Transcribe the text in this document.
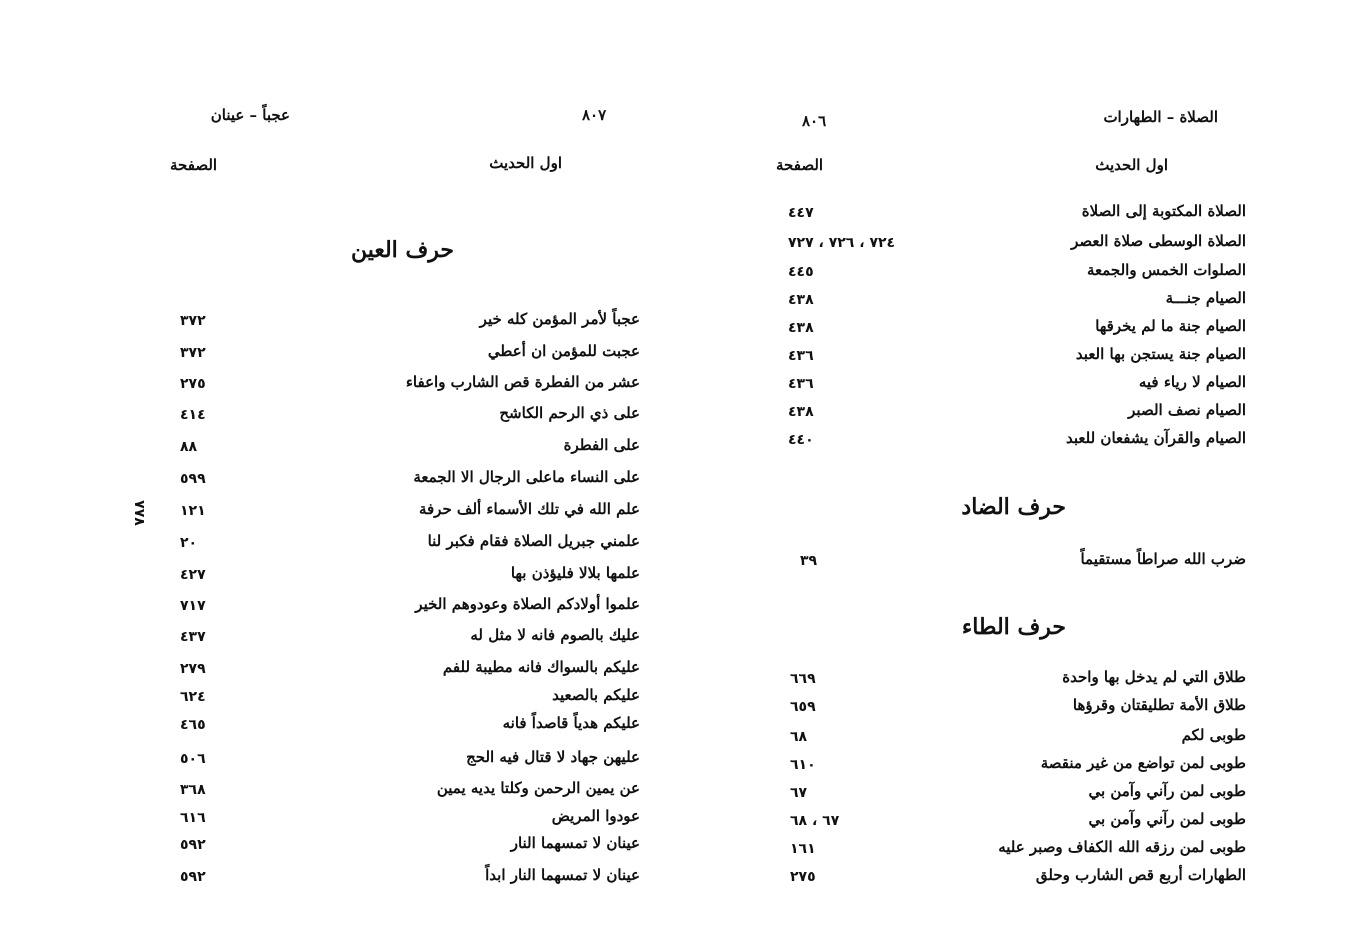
عجباً – عينان	٨٠٧
اول الحديث
الصفحة
حرف العين
٧٧٨
عجباً لأمر المؤمن كله خير
٣٧٢
عجبت للمؤمن ان أعطي
٣٧٢
عشر من الفطرة قص الشارب واعفاء
٢٧٥
على ذي الرحم الكاشح
٤١٤
على الفطرة
٨٨
على النساء ماعلى الرجال الا الجمعة
٥٩٩
علم الله في تلك الأسماء ألف حرفة
١٢١
علمني جبريل الصلاة فقام فكبر لنا
٢٠
علمها بلالا فليؤذن بها
٤٢٧
علموا أولادكم الصلاة وعودوهم الخير
٧١٧
عليك بالصوم فانه لا مثل له
٤٣٧
عليكم بالسواك فانه مطيبة للفم
٢٧٩
عليكم بالصعيد
٦٢٤
عليكم هدياً قاصداً فانه
٤٦٥
عليهن جهاد لا قتال فيه الحج
٥٠٦
عن يمين الرحمن وكلتا يديه يمين
٣٦٨
عودوا المريض
٦١٦
عينان لا تمسهما النار
٥٩٢
عينان لا تمسهما النار ابداً
٥٩٢
الصلاة – الطهارات
٨٠٦
اول الحديث
الصفحة
حرف الضاد
حرف الطاء
الصلاة المكتوبة إلى الصلاة
٤٤٧
الصلاة الوسطى صلاة العصر
٧٢٤ ، ٧٢٦ ، ٧٢٧
الصلوات الخمس والجمعة
٤٤٥
الصيام جنـــة
٤٣٨
الصيام جنة ما لم يخرقها
٤٣٨
الصيام جنة يستجن بها العبد
٤٣٦
الصيام لا رياء فيه
٤٣٦
الصيام نصف الصبر
٤٣٨
الصيام والقرآن يشفعان للعبد
٤٤٠
ضرب الله صراطاً مستقيماً
٣٩
طلاق التي لم يدخل بها واحدة
٦٦٩
طلاق الأمة تطليقتان وقرؤها
٦٥٩
طوبى لكم
٦٨
طوبى لمن تواضع من غير منقصة
٦١٠
طوبى لمن رآني وآمن بي
٦٧
طوبى لمن رآني وآمن بي
٦٧ ، ٦٨
طوبى لمن رزقه الله الكفاف وصبر عليه
١٦١
الطهارات أربع قص الشارب وحلق
٢٧٥
